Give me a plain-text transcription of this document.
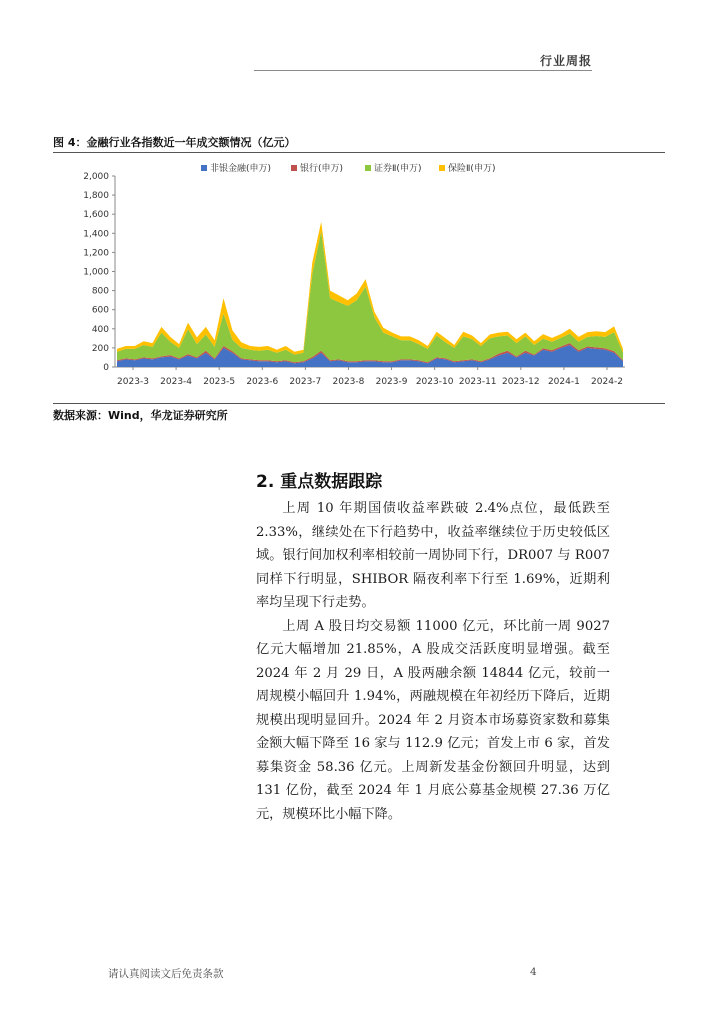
行业周报
图 4：金融行业各指数近一年成交额情况（亿元）
0
200
400
600
800
1,000
1,200
1,400
1,600
1,800
2,000
2023-3 2023-4 2023-5 2023-6 2023-7 2023-8 2023-9 2023-10 2023-11 2023-12 2024-1 2024-2
非银金融(申万)	银行(申万)	证券Ⅱ(申万)	保险Ⅱ(申万)
数据来源：Wind，华龙证券研究所
2. 重点数据跟踪

上周 10 年期国债收益率跌破 2.4%点位，最低跌至 2.33%，继续处在下行趋势中，收益率继续位于历史较低区域。银行间加权利率相较前一周协同下行，DR007 与 R007 同样下行明显，SHIBOR 隔夜利率下行至 1.69%，近期利率均呈现下行走势。

上周 A 股日均交易额 11000 亿元，环比前一周 9027 亿元大幅增加 21.85%，A 股成交活跃度明显增强。截至 2024 年 2 月 29 日，A 股两融余额 14844 亿元，较前一周规模小幅回升 1.94%，两融规模在年初经历下降后，近期规模出现明显回升。2024 年 2 月资本市场募资家数和募集金额大幅下降至 16 家与 112.9 亿元；首发上市 6 家，首发募集资金 58.36 亿元。上周新发基金份额回升明显，达到 131 亿份，截至 2024 年 1 月底公募基金规模 27.36 万亿元，规模环比小幅下降。

请认真阅读文后免责条款	4
